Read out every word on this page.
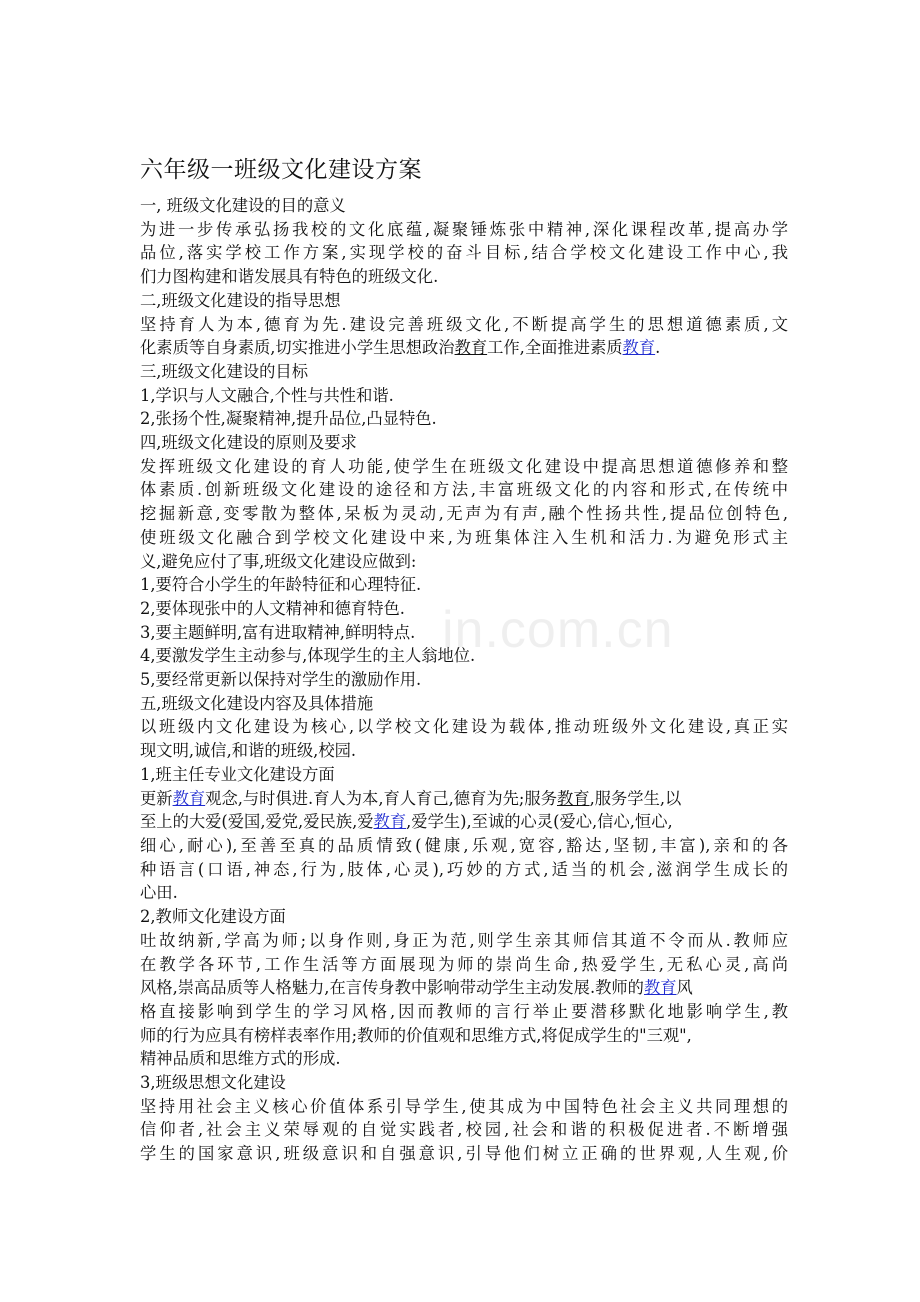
六年级一班级文化建设方案

一, 班级文化建设的目的意义

为进一步传承弘扬我校的文化底蕴,凝聚锤炼张中精神,深化课程改革,提高办学

品位,落实学校工作方案,实现学校的奋斗目标,结合学校文化建设工作中心,我

们力图构建和谐发展具有特色的班级文化.

二,班级文化建设的指导思想

坚持育人为本,德育为先.建设完善班级文化,不断提高学生的思想道德素质,文

化素质等自身素质,切实推进小学生思想政治教育工作,全面推进素质教育.

三,班级文化建设的目标

1,学识与人文融合,个性与共性和谐.

2,张扬个性,凝聚精神,提升品位,凸显特色.

四,班级文化建设的原则及要求

发挥班级文化建设的育人功能,使学生在班级文化建设中提高思想道德修养和整

体素质.创新班级文化建设的途径和方法,丰富班级文化的内容和形式,在传统中

挖掘新意,变零散为整体,呆板为灵动,无声为有声,融个性扬共性,提品位创特色,

使班级文化融合到学校文化建设中来,为班集体注入生机和活力.为避免形式主

义,避免应付了事,班级文化建设应做到:

1,要符合小学生的年龄特征和心理特征.

2,要体现张中的人文精神和德育特色.

3,要主题鲜明,富有进取精神,鲜明特点.

4,要激发学生主动参与,体现学生的主人翁地位.

5,要经常更新以保持对学生的激励作用.

五,班级文化建设内容及具体措施

以班级内文化建设为核心,以学校文化建设为载体,推动班级外文化建设,真正实

现文明,诚信,和谐的班级,校园.

1,班主任专业文化建设方面

更新教育观念,与时俱进.育人为本,育人育己,德育为先;服务教育,服务学生,以

至上的大爱(爱国,爱党,爱民族,爱教育,爱学生),至诚的心灵(爱心,信心,恒心,

细心,耐心),至善至真的品质情致(健康,乐观,宽容,豁达,坚韧,丰富),亲和的各

种语言(口语,神态,行为,肢体,心灵),巧妙的方式,适当的机会,滋润学生成长的

心田.

2,教师文化建设方面

吐故纳新,学高为师;以身作则,身正为范,则学生亲其师信其道不令而从.教师应

在教学各环节,工作生活等方面展现为师的崇尚生命,热爱学生,无私心灵,高尚

风格,崇高品质等人格魅力,在言传身教中影响带动学生主动发展.教师的教育风

格直接影响到学生的学习风格,因而教师的言行举止要潜移默化地影响学生,教

师的行为应具有榜样表率作用;教师的价值观和思维方式,将促成学生的"三观",

精神品质和思维方式的形成.

3,班级思想文化建设

坚持用社会主义核心价值体系引导学生,使其成为中国特色社会主义共同理想的

信仰者,社会主义荣辱观的自觉实践者,校园,社会和谐的积极促进者.不断增强

学生的国家意识,班级意识和自强意识,引导他们树立正确的世界观,人生观,价

in.com.cn
